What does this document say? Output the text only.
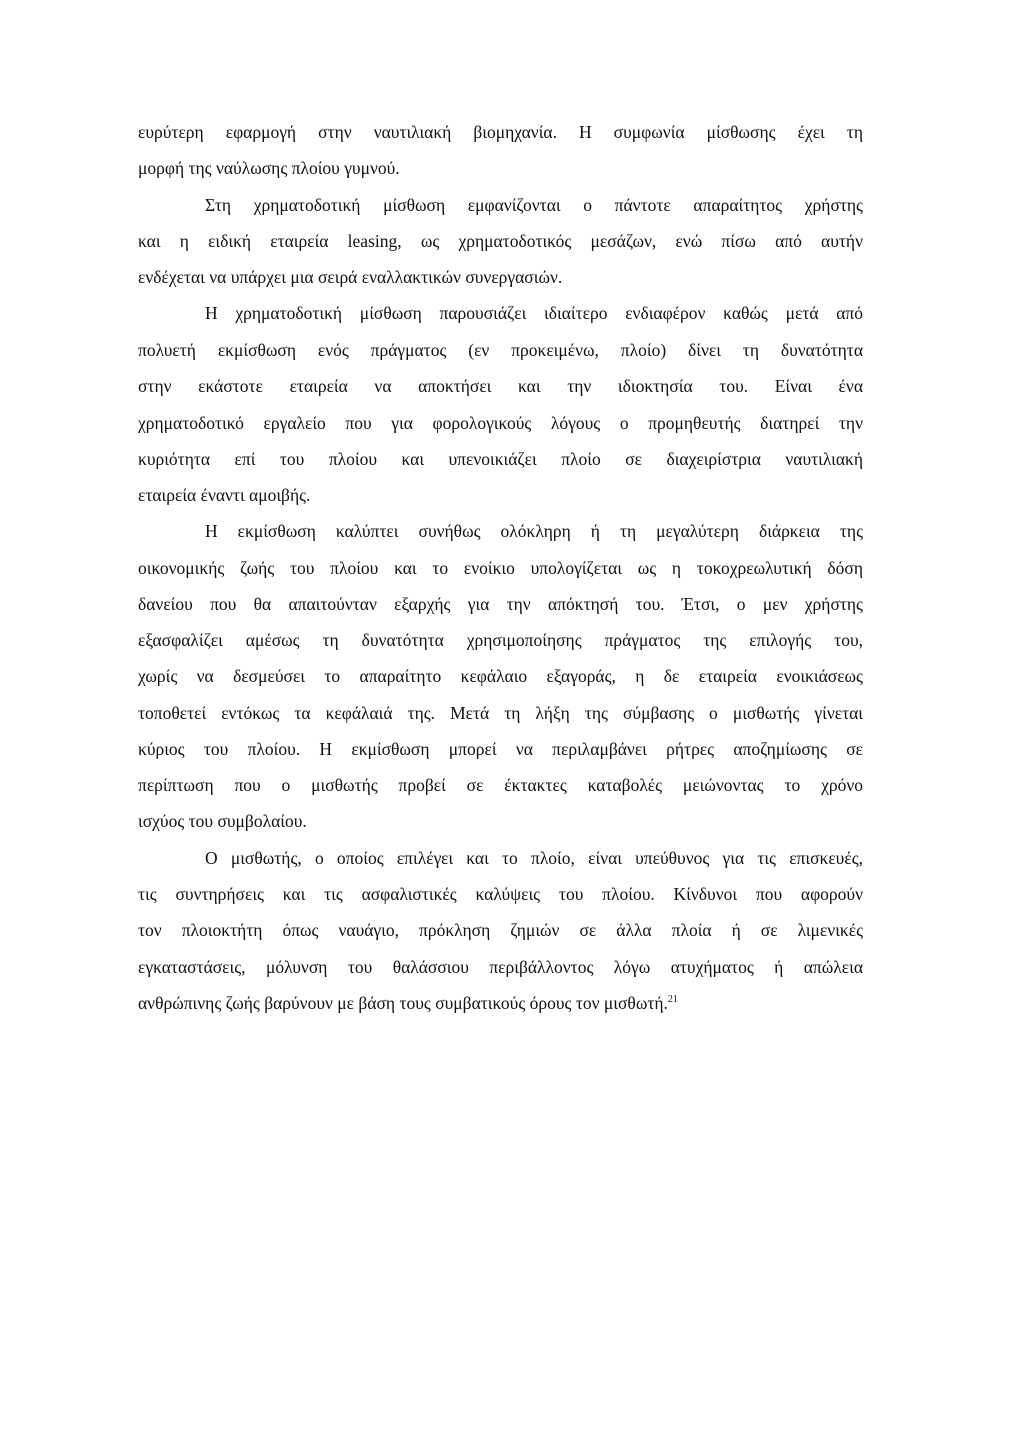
ευρύτερη εφαρμογή στην ναυτιλιακή βιομηχανία. Η συμφωνία μίσθωσης έχει τη
μορφή της ναύλωσης πλοίου γυμνού.
Στη χρηματοδοτική μίσθωση εμφανίζονται ο πάντοτε απαραίτητος χρήστης
και η ειδική εταιρεία leasing, ως χρηματοδοτικός μεσάζων, ενώ πίσω από αυτήν
ενδέχεται να υπάρχει μια σειρά εναλλακτικών συνεργασιών.
Η χρηματοδοτική μίσθωση παρουσιάζει ιδιαίτερο ενδιαφέρον καθώς μετά από
πολυετή εκμίσθωση ενός πράγματος (εν προκειμένω, πλοίο) δίνει τη δυνατότητα
στην εκάστοτε εταιρεία να αποκτήσει και την ιδιοκτησία του. Είναι ένα
χρηματοδοτικό εργαλείο που για φορολογικούς λόγους ο προμηθευτής διατηρεί την
κυριότητα επί του πλοίου και υπενοικιάζει πλοίο σε διαχειρίστρια ναυτιλιακή
εταιρεία έναντι αμοιβής.
Η εκμίσθωση καλύπτει συνήθως ολόκληρη ή τη μεγαλύτερη διάρκεια της
οικονομικής ζωής του πλοίου και το ενοίκιο υπολογίζεται ως η τοκοχρεωλυτική δόση
δανείου που θα απαιτούνταν εξαρχής για την απόκτησή του. Έτσι, ο μεν χρήστης
εξασφαλίζει αμέσως τη δυνατότητα χρησιμοποίησης πράγματος της επιλογής του,
χωρίς να δεσμεύσει το απαραίτητο κεφάλαιο εξαγοράς, η δε εταιρεία ενοικιάσεως
τοποθετεί εντόκως τα κεφάλαιά της. Μετά τη λήξη της σύμβασης ο μισθωτής γίνεται
κύριος του πλοίου. Η εκμίσθωση μπορεί να περιλαμβάνει ρήτρες αποζημίωσης σε
περίπτωση που ο μισθωτής προβεί σε έκτακτες καταβολές μειώνοντας το χρόνο
ισχύος του συμβολαίου.
Ο μισθωτής, ο οποίος επιλέγει και το πλοίο, είναι υπεύθυνος για τις επισκευές,
τις συντηρήσεις και τις ασφαλιστικές καλύψεις του πλοίου. Κίνδυνοι που αφορούν
τον πλοιοκτήτη όπως ναυάγιο, πρόκληση ζημιών σε άλλα πλοία ή σε λιμενικές
εγκαταστάσεις, μόλυνση του θαλάσσιου περιβάλλοντος λόγω ατυχήματος ή απώλεια
ανθρώπινης ζωής βαρύνουν με βάση τους συμβατικούς όρους τον μισθωτή.$^{21}$
